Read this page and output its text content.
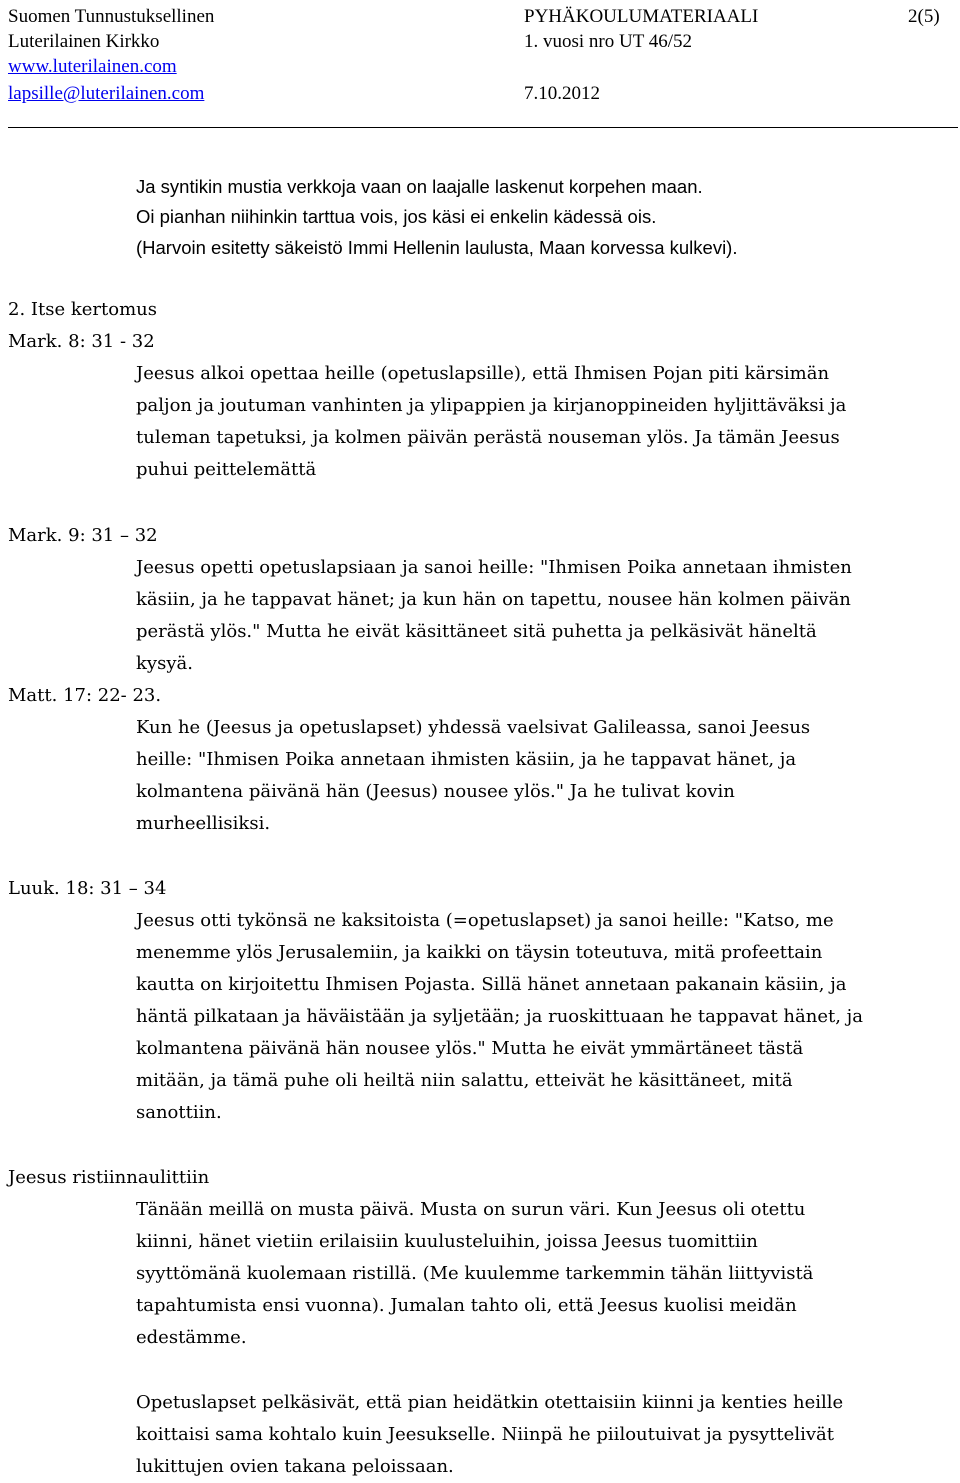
Suomen Tunnustuksellinen
Luterilainen Kirkko
www.luterilainen.com
lapsille@luterilainen.com
PYHÄKOULUMATERIAALI
1. vuosi nro UT 46/52
7.10.2012
2(5)
Ja syntikin mustia verkkoja vaan on laajalle laskenut korpehen maan.
Oi pianhan niihinkin tarttua vois, jos käsi ei enkelin kädessä ois.
(Harvoin esitetty säkeistö Immi Hellenin laulusta, Maan korvessa kulkevi).
2. Itse kertomus
Mark. 8: 31 - 32
Jeesus alkoi opettaa heille (opetuslapsille), että Ihmisen Pojan piti kärsimän
paljon ja joutuman vanhinten ja ylipappien ja kirjanoppineiden hyljittäväksi ja
tuleman tapetuksi, ja kolmen päivän perästä nouseman ylös. Ja tämän Jeesus
puhui peittelemättä
Mark. 9: 31 – 32
Jeesus opetti opetuslapsiaan ja sanoi heille: "Ihmisen Poika annetaan ihmisten
käsiin, ja he tappavat hänet; ja kun hän on tapettu, nousee hän kolmen päivän
perästä ylös." Mutta he eivät käsittäneet sitä puhetta ja pelkäsivät häneltä
kysyä.
Matt. 17: 22- 23.
Kun he (Jeesus ja opetuslapset) yhdessä vaelsivat Galileassa, sanoi Jeesus
heille: "Ihmisen Poika annetaan ihmisten käsiin, ja he tappavat hänet, ja
kolmantena päivänä hän (Jeesus) nousee ylös." Ja he tulivat kovin
murheellisiksi.
Luuk. 18: 31 – 34
Jeesus otti tykönsä ne kaksitoista (=opetuslapset) ja sanoi heille: "Katso, me
menemme ylös Jerusalemiin, ja kaikki on täysin toteutuva, mitä profeettain
kautta on kirjoitettu Ihmisen Pojasta. Sillä hänet annetaan pakanain käsiin, ja
häntä pilkataan ja häväistään ja syljetään; ja ruoskittuaan he tappavat hänet, ja
kolmantena päivänä hän nousee ylös." Mutta he eivät ymmärtäneet tästä
mitään, ja tämä puhe oli heiltä niin salattu, etteivät he käsittäneet, mitä
sanottiin.
Jeesus ristiinnaulittiin
Tänään meillä on musta päivä. Musta on surun väri. Kun Jeesus oli otettu
kiinni, hänet vietiin erilaisiin kuulusteluihin, joissa Jeesus tuomittiin
syyttömänä kuolemaan ristillä. (Me kuulemme tarkemmin tähän liittyvistä
tapahtumista ensi vuonna). Jumalan tahto oli, että Jeesus kuolisi meidän
edestämme.
Opetuslapset pelkäsivät, että pian heidätkin otettaisiin kiinni ja kenties heille
koittaisi sama kohtalo kuin Jeesukselle. Niinpä he piiloutuivat ja pysyttelivät
lukittujen ovien takana peloissaan.
